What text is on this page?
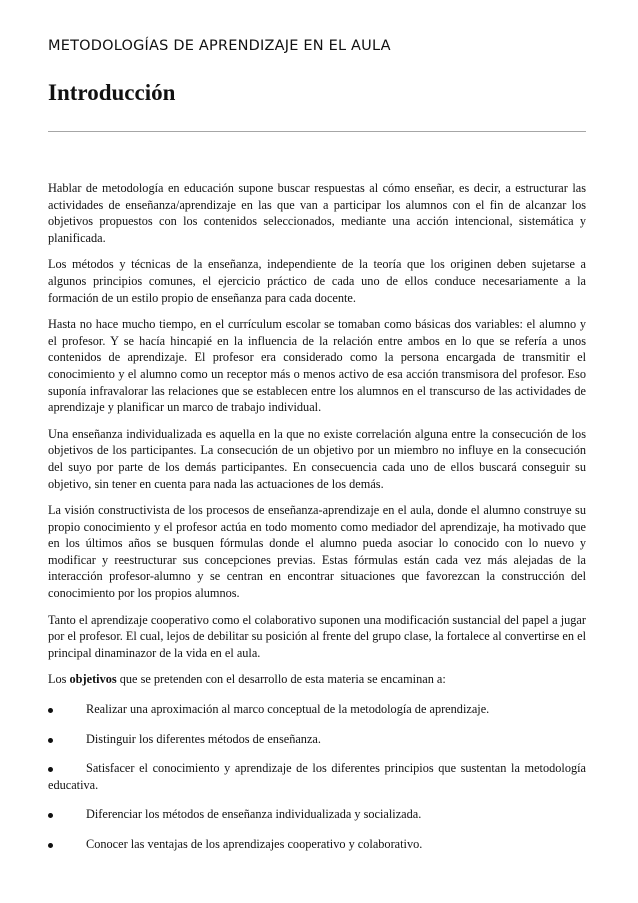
METODOLOGÍAS DE APRENDIZAJE EN EL AULA
Introducción

Hablar de metodología en educación supone buscar respuestas al cómo enseñar, es decir, a estructurar las actividades de enseñanza/aprendizaje en las que van a participar los alumnos con el fin de alcanzar los objetivos propuestos con los contenidos seleccionados, mediante una acción intencional, sistemática y planificada.

Los métodos y técnicas de la enseñanza, independiente de la teoría que los originen deben sujetarse a algunos principios comunes, el ejercicio práctico de cada uno de ellos conduce necesariamente a la formación de un estilo propio de enseñanza para cada docente.

Hasta no hace mucho tiempo, en el currículum escolar se tomaban como básicas dos variables: el alumno y el profesor. Y se hacía hincapié en la influencia de la relación entre ambos en lo que se refería a unos contenidos de aprendizaje. El profesor era considerado como la persona encargada de transmitir el conocimiento y el alumno como un receptor más o menos activo de esa acción transmisora del profesor. Eso suponía infravalorar las relaciones que se establecen entre los alumnos en el transcurso de las actividades de aprendizaje y planificar un marco de trabajo individual.

Una enseñanza individualizada es aquella en la que no existe correlación alguna entre la consecución de los objetivos de los participantes. La consecución de un objetivo por un miembro no influye en la consecución del suyo por parte de los demás participantes. En consecuencia cada uno de ellos buscará conseguir su objetivo, sin tener en cuenta para nada las actuaciones de los demás.

La visión constructivista de los procesos de enseñanza-aprendizaje en el aula, donde el alumno construye su propio conocimiento y el profesor actúa en todo momento como mediador del aprendizaje, ha motivado que en los últimos años se busquen fórmulas donde el alumno pueda asociar lo conocido con lo nuevo y modificar y reestructurar sus concepciones previas. Estas fórmulas están cada vez más alejadas de la interacción profesor-alumno y se centran en encontrar situaciones que favorezcan la construcción del conocimiento por los propios alumnos.

Tanto el aprendizaje cooperativo como el colaborativo suponen una modificación sustancial del papel a jugar por el profesor. El cual, lejos de debilitar su posición al frente del grupo clase, la fortalece al convertirse en el principal dinaminazor de la vida en el aula.

Los objetivos que se pretenden con el desarrollo de esta materia se encaminan a:

Realizar una aproximación al marco conceptual de la metodología de aprendizaje.
Distinguir los diferentes métodos de enseñanza.
Satisfacer el conocimiento y aprendizaje de los diferentes principios que sustentan la metodología educativa.
Diferenciar los métodos de enseñanza individualizada y socializada.
Conocer las ventajas de los aprendizajes cooperativo y colaborativo.
